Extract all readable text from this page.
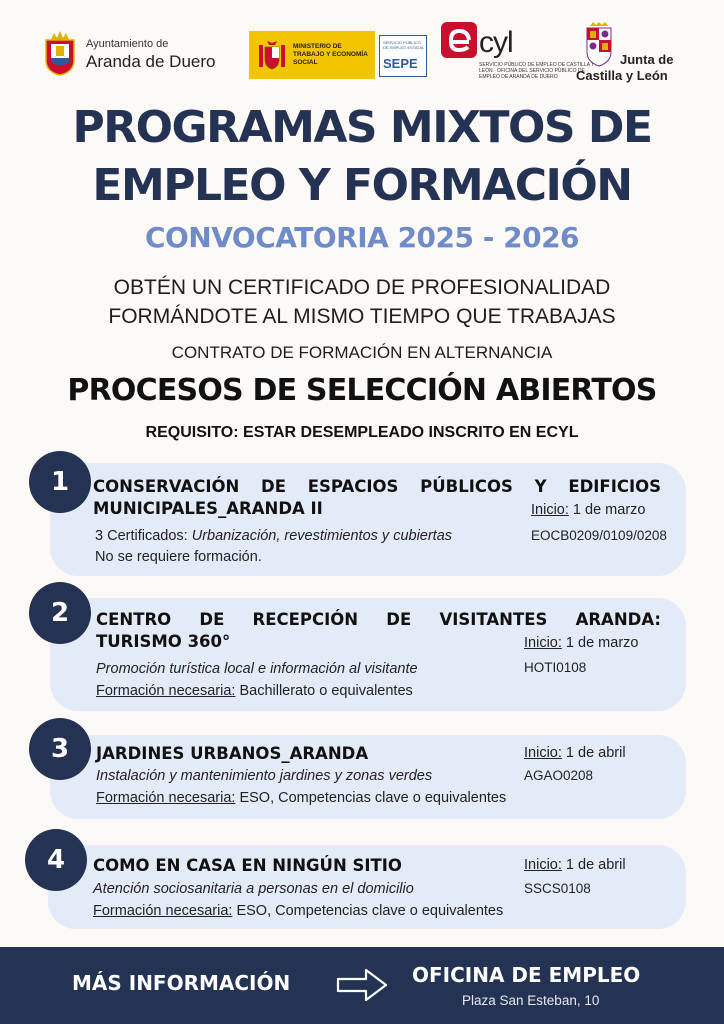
Ayuntamiento de
Aranda de Duero
MINISTERIO DE TRABAJO Y ECONOMÍA SOCIAL
SERVICIO PÚBLICO DE EMPLEO ESTATAL
SEPE
cyl
SERVICIO PÚBLICO DE EMPLEO DE CASTILLA Y LEÓN · OFICINA DEL SERVICIO PÚBLICO DE EMPLEO DE ARANDA DE DUERO
Junta de
Castilla y León
PROGRAMAS MIXTOS DE
EMPLEO Y FORMACIÓN
CONVOCATORIA 2025 - 2026
OBTÉN UN CERTIFICADO DE PROFESIONALIDAD
FORMÁNDOTE AL MISMO TIEMPO QUE TRABAJAS
CONTRATO DE FORMACIÓN EN ALTERNANCIA
PROCESOS DE SELECCIÓN ABIERTOS
REQUISITO: ESTAR DESEMPLEADO INSCRITO EN ECYL
1	CONSERVACIÓN DE ESPACIOS PÚBLICOS Y EDIFICIOS
MUNICIPALES_ARANDA II	Inicio: 1 de marzo
3 Certificados: Urbanización, revestimientos y cubiertas	EOCB0209/0109/0208
No se requiere formación.
2	CENTRO DE RECEPCIÓN DE VISITANTES ARANDA:
TURISMO 360°	Inicio: 1 de marzo
Promoción turística local e información al visitante	HOTI0108
Formación necesaria: Bachillerato o equivalentes
3	JARDINES URBANOS_ARANDA	Inicio: 1 de abril
Instalación y mantenimiento jardines y zonas verdes	AGAO0208
Formación necesaria: ESO, Competencias clave o equivalentes
4	COMO EN CASA EN NINGÚN SITIO	Inicio: 1 de abril
Atención sociosanitaria a personas en el domicilio	SSCS0108
Formación necesaria: ESO, Competencias clave o equivalentes
MÁS INFORMACIÓN	OFICINA DE EMPLEO
Plaza San Esteban, 10
